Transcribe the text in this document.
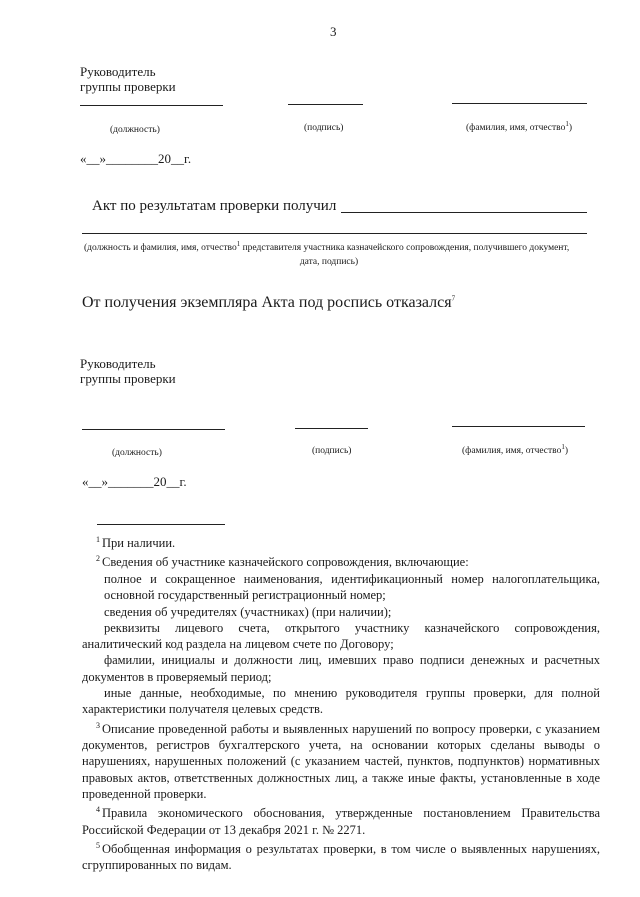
3
Руководитель
группы проверки
(должность)	(подпись)	(фамилия, имя, отчество$^1$)
«__»________20__г.
Акт по результатам проверки получил
(должность и фамилия, имя, отчество$^1$ представителя участника казначейского сопровождения, получившего документ,
дата, подпись)
От получения экземпляра Акта под роспись отказался$^7$
Руководитель
группы проверки
(должность)	(подпись)	(фамилия, имя, отчество$^1$)
«__»_______20__г.
$^1$ При наличии.
$^2$ Сведения об участнике казначейского сопровождения, включающие:
полное и сокращенное наименования, идентификационный номер налогоплательщика, основной государственный регистрационный номер;
сведения об учредителях (участниках) (при наличии);
реквизиты лицевого счета, открытого участнику казначейского сопровождения, аналитический код раздела на лицевом счете по Договору;
фамилии, инициалы и должности лиц, имевших право подписи денежных и расчетных документов в проверяемый период;
иные данные, необходимые, по мнению руководителя группы проверки, для полной характеристики получателя целевых средств.
$^3$ Описание проведенной работы и выявленных нарушений по вопросу проверки, с указанием документов, регистров бухгалтерского учета, на основании которых сделаны выводы о нарушениях, нарушенных положений (с указанием частей, пунктов, подпунктов) нормативных правовых актов, ответственных должностных лиц, а также иные факты, установленные в ходе проведенной проверки.
$^4$ Правила экономического обоснования, утвержденные постановлением Правительства Российской Федерации от 13 декабря 2021 г. № 2271.
$^5$ Обобщенная информация о результатах проверки, в том числе о выявленных нарушениях, сгруппированных по видам.
